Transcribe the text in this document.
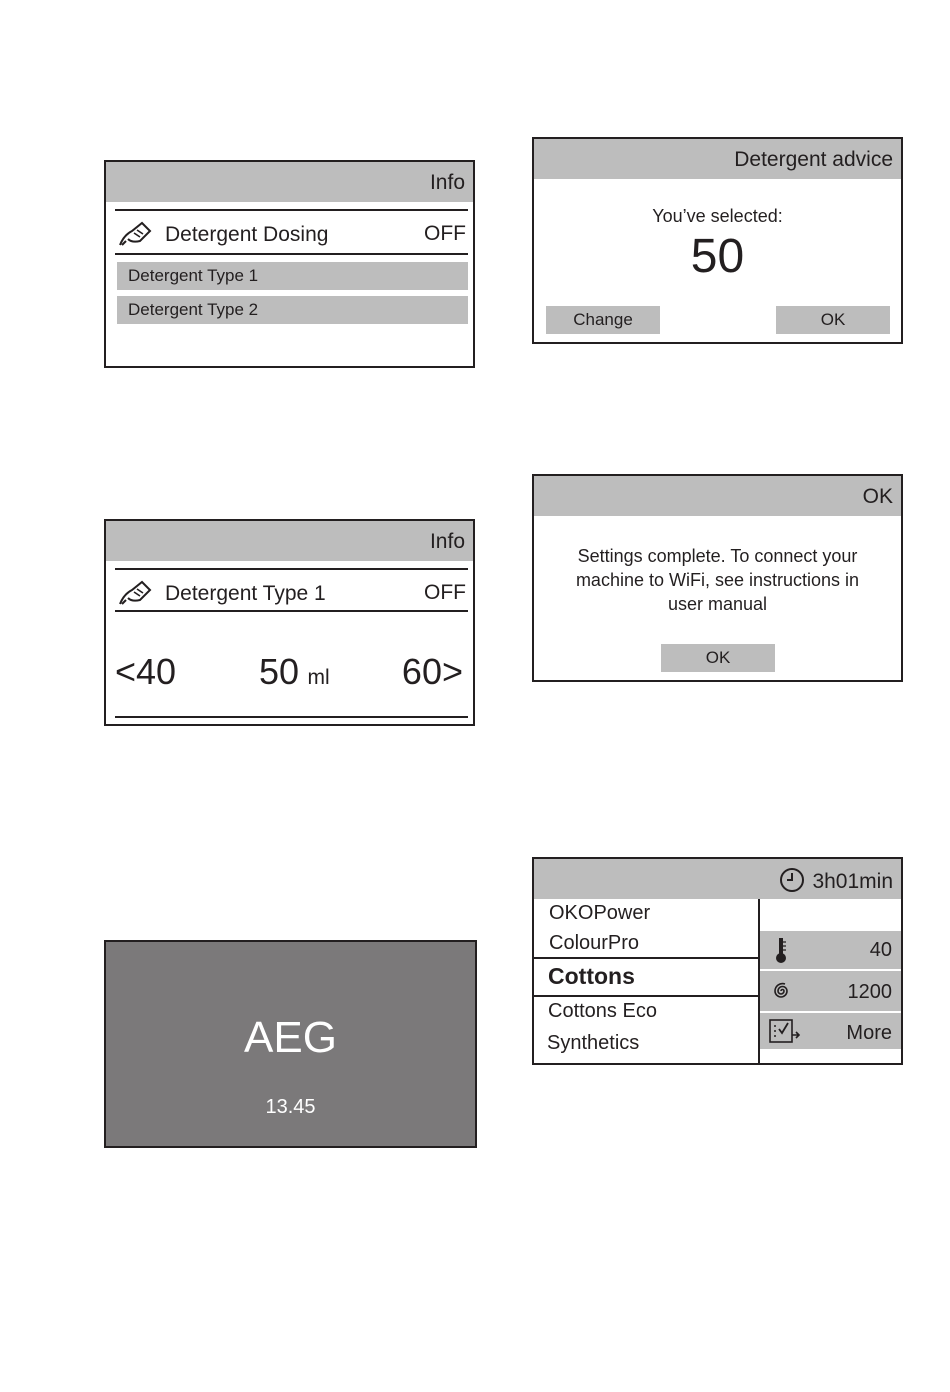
Info
Detergent Dosing	OFF
Detergent Type 1
Detergent Type 2
Detergent advice
You’ve selected:
50
Change	OK
Info
Detergent Type 1	OFF
<40 50 ml 60>
OK
Settings complete. To connect your
machine to WiFi, see instructions in
user manual
OK
AEG
13.45
3h01min
OKOPower
ColourPro
Cottons
Cottons Eco
Synthetics
40
1200
More
